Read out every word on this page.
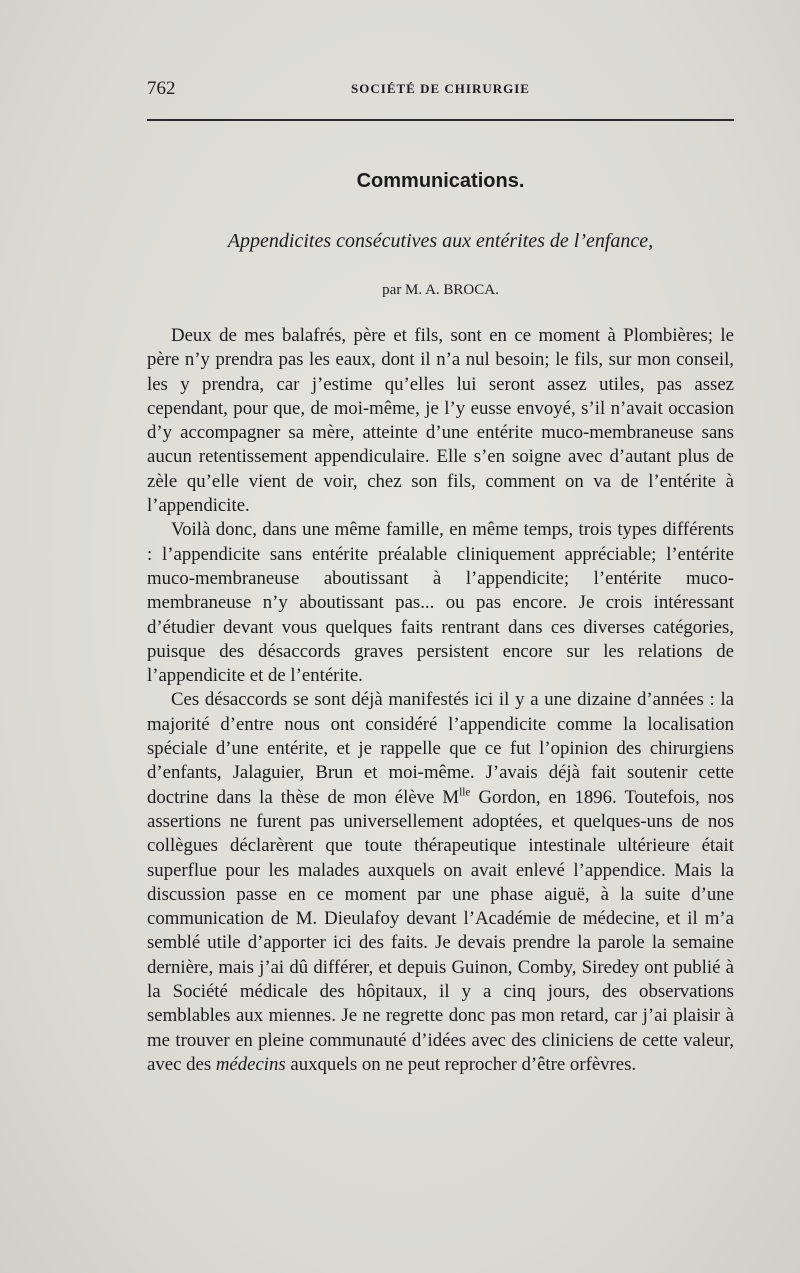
762	SOCIÉTÉ DE CHIRURGIE
Communications.
Appendicites consécutives aux entérites de l’enfance,
par M. A. BROCA.

Deux de mes balafrés, père et fils, sont en ce moment à Plombières; le père n’y prendra pas les eaux, dont il n’a nul besoin; le fils, sur mon conseil, les y prendra, car j’estime qu’elles lui seront assez utiles, pas assez cependant, pour que, de moi-même, je l’y eusse envoyé, s’il n’avait occasion d’y accompagner sa mère, atteinte d’une entérite muco-membraneuse sans aucun retentissement appendiculaire. Elle s’en soigne avec d’autant plus de zèle qu’elle vient de voir, chez son fils, comment on va de l’entérite à l’appendicite.

Voilà donc, dans une même famille, en même temps, trois types différents : l’appendicite sans entérite préalable cliniquement appréciable; l’entérite muco-membraneuse aboutissant à l’appendicite; l’entérite muco-membraneuse n’y aboutissant pas... ou pas encore. Je crois intéressant d’étudier devant vous quelques faits rentrant dans ces diverses catégories, puisque des désaccords graves persistent encore sur les relations de l’appendicite et de l’entérite.

Ces désaccords se sont déjà manifestés ici il y a une dizaine d’années : la majorité d’entre nous ont considéré l’appendicite comme la localisation spéciale d’une entérite, et je rappelle que ce fut l’opinion des chirurgiens d’enfants, Jalaguier, Brun et moi-même. J’avais déjà fait soutenir cette doctrine dans la thèse de mon élève $M^{lle}$ Gordon, en 1896. Toutefois, nos assertions ne furent pas universellement adoptées, et quelques-uns de nos collègues déclarèrent que toute thérapeutique intestinale ultérieure était superflue pour les malades auxquels on avait enlevé l’appendice. Mais la discussion passe en ce moment par une phase aiguë, à la suite d’une communication de M. Dieulafoy devant l’Académie de médecine, et il m’a semblé utile d’apporter ici des faits. Je devais prendre la parole la semaine dernière, mais j’ai dû différer, et depuis Guinon, Comby, Siredey ont publié à la Société médicale des hôpitaux, il y a cinq jours, des observations semblables aux miennes. Je ne regrette donc pas mon retard, car j’ai plaisir à me trouver en pleine communauté d’idées avec des cliniciens de cette valeur, avec des médecins auxquels on ne peut reprocher d’être orfèvres.
